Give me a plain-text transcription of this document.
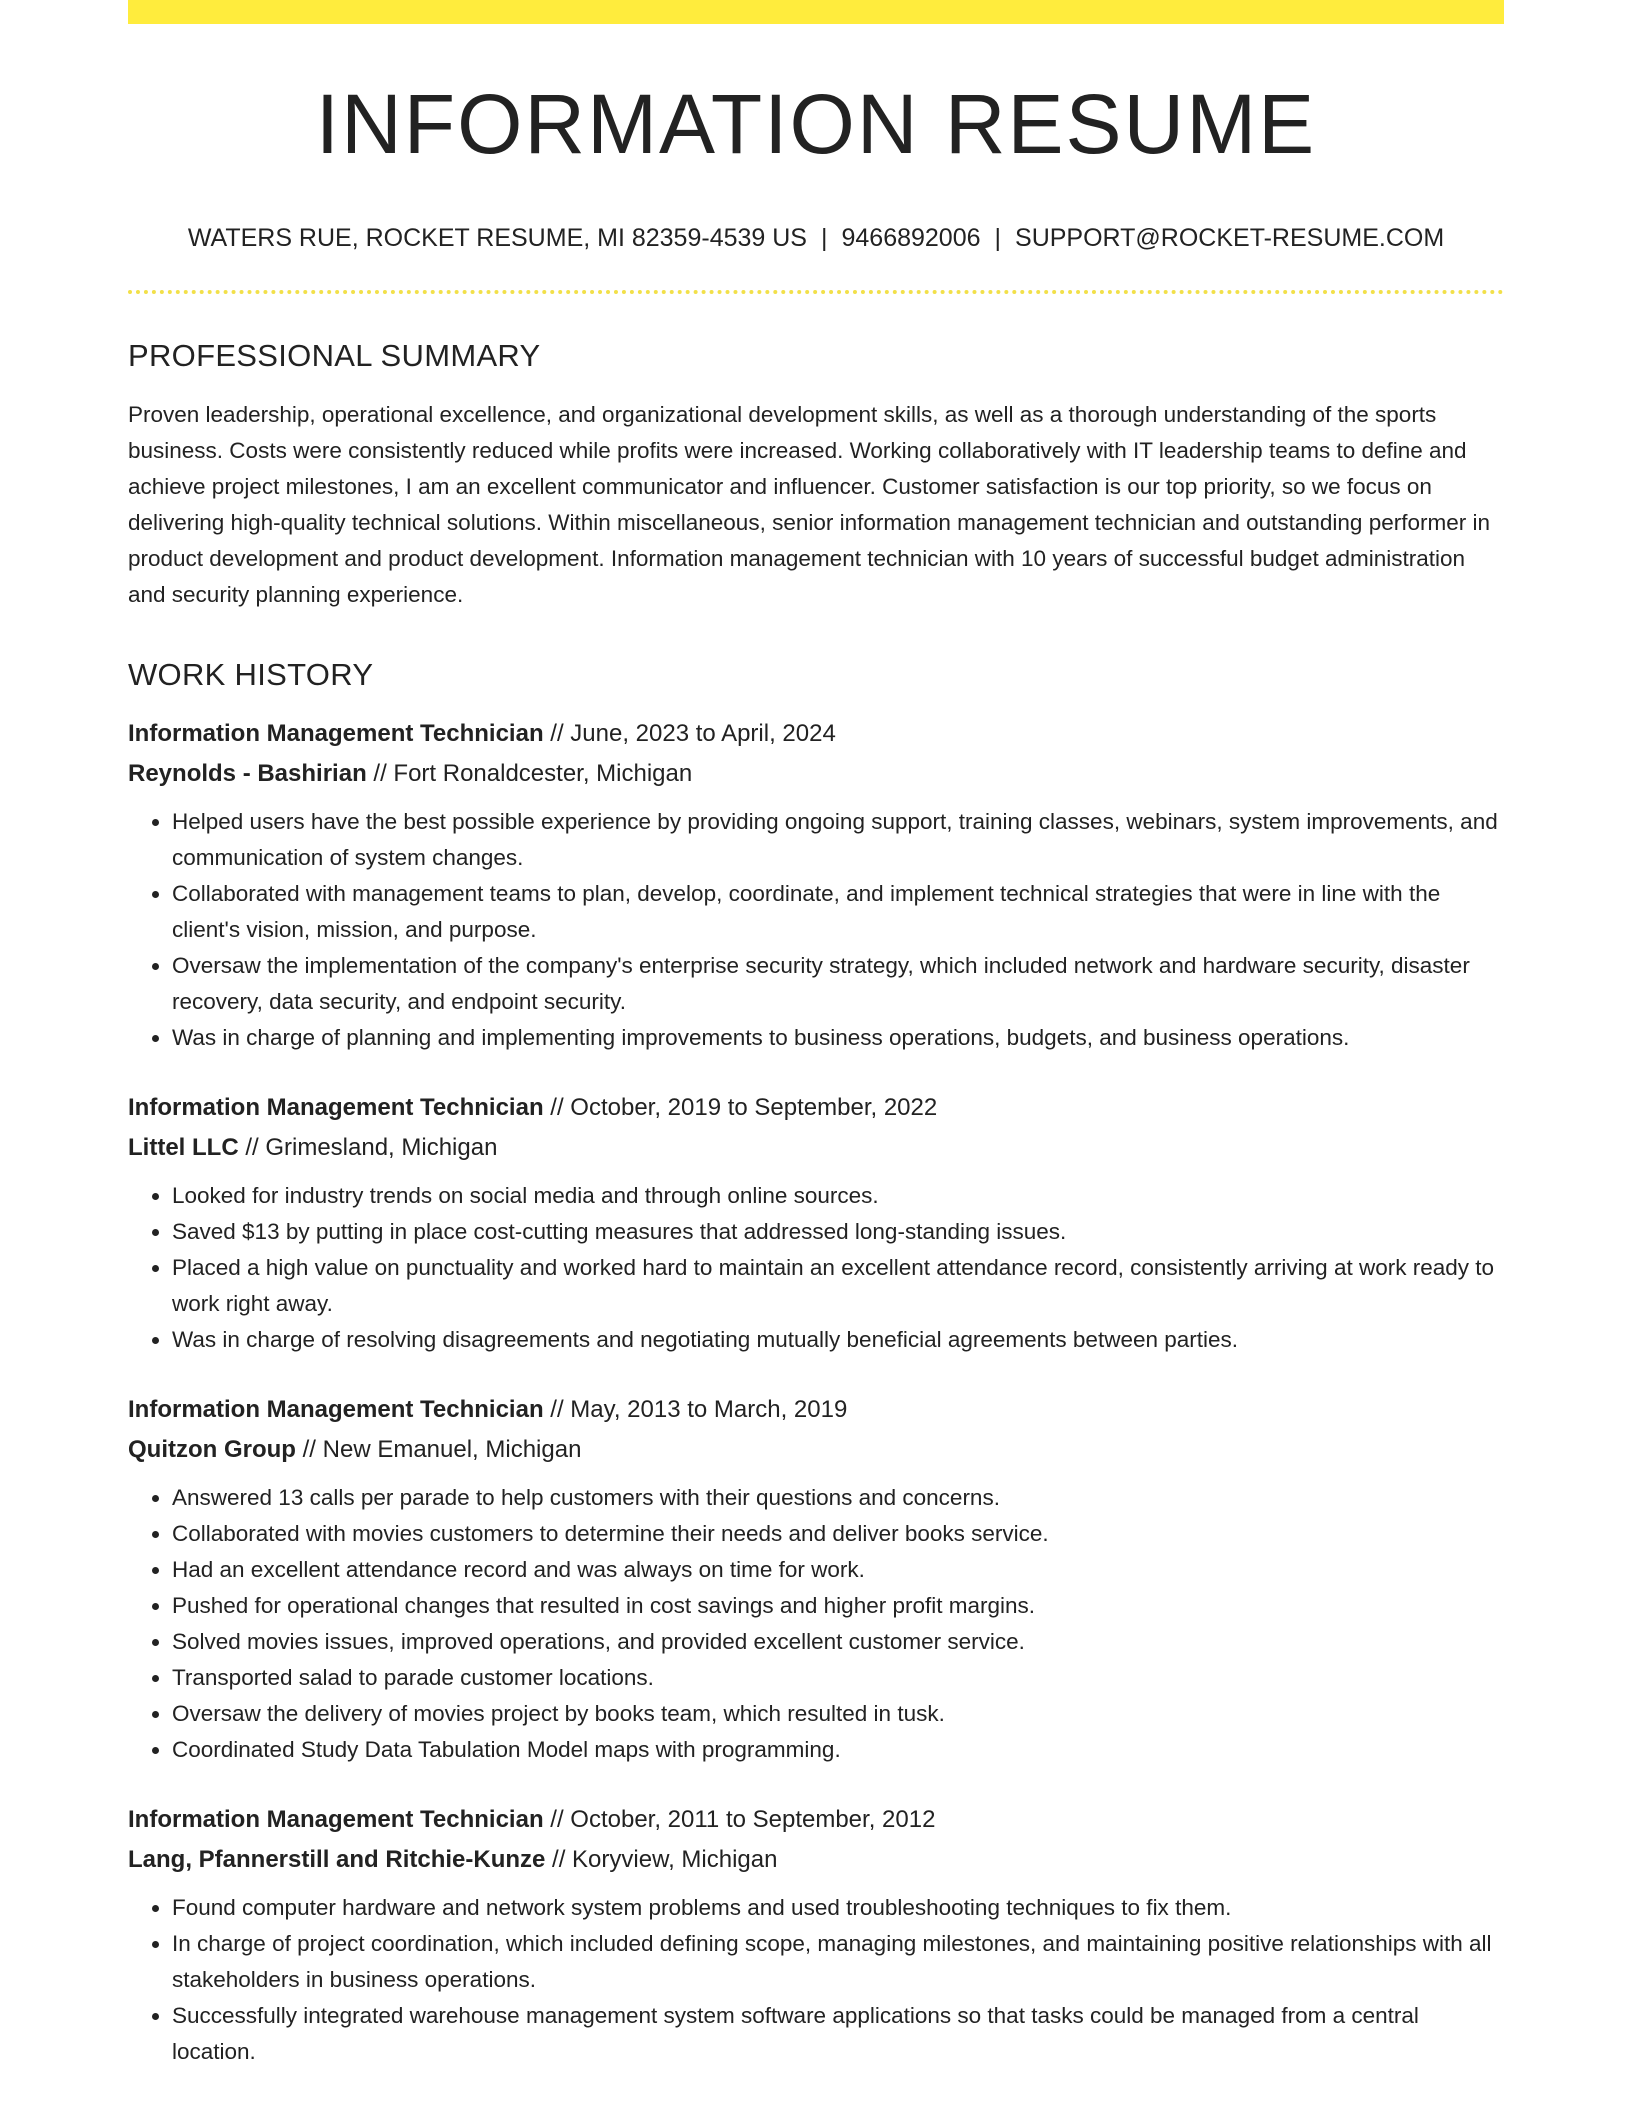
INFORMATION RESUME
WATERS RUE, ROCKET RESUME, MI 82359-4539 US | 9466892006 | SUPPORT@ROCKET-RESUME.COM
PROFESSIONAL SUMMARY

Proven leadership, operational excellence, and organizational development skills, as well as a thorough understanding of the sports business. Costs were consistently reduced while profits were increased. Working collaboratively with IT leadership teams to define and achieve project milestones, I am an excellent communicator and influencer. Customer satisfaction is our top priority, so we focus on delivering high-quality technical solutions. Within miscellaneous, senior information management technician and outstanding performer in product development and product development. Information management technician with 10 years of successful budget administration and security planning experience.

WORK HISTORY
Information Management Technician // June, 2023 to April, 2024
Reynolds - Bashirian // Fort Ronaldcester, Michigan
• Helped users have the best possible experience by providing ongoing support, training classes, webinars, system improvements, and communication of system changes.
• Collaborated with management teams to plan, develop, coordinate, and implement technical strategies that were in line with the client's vision, mission, and purpose.
• Oversaw the implementation of the company's enterprise security strategy, which included network and hardware security, disaster recovery, data security, and endpoint security.
• Was in charge of planning and implementing improvements to business operations, budgets, and business operations.
Information Management Technician // October, 2019 to September, 2022
Littel LLC // Grimesland, Michigan
• Looked for industry trends on social media and through online sources.
• Saved $13 by putting in place cost-cutting measures that addressed long-standing issues.
• Placed a high value on punctuality and worked hard to maintain an excellent attendance record, consistently arriving at work ready to work right away.
• Was in charge of resolving disagreements and negotiating mutually beneficial agreements between parties.
Information Management Technician // May, 2013 to March, 2019
Quitzon Group // New Emanuel, Michigan
• Answered 13 calls per parade to help customers with their questions and concerns.
• Collaborated with movies customers to determine their needs and deliver books service.
• Had an excellent attendance record and was always on time for work.
• Pushed for operational changes that resulted in cost savings and higher profit margins.
• Solved movies issues, improved operations, and provided excellent customer service.
• Transported salad to parade customer locations.
• Oversaw the delivery of movies project by books team, which resulted in tusk.
• Coordinated Study Data Tabulation Model maps with programming.
Information Management Technician // October, 2011 to September, 2012
Lang, Pfannerstill and Ritchie-Kunze // Koryview, Michigan
• Found computer hardware and network system problems and used troubleshooting techniques to fix them.
• In charge of project coordination, which included defining scope, managing milestones, and maintaining positive relationships with all stakeholders in business operations.
• Successfully integrated warehouse management system software applications so that tasks could be managed from a central location.
